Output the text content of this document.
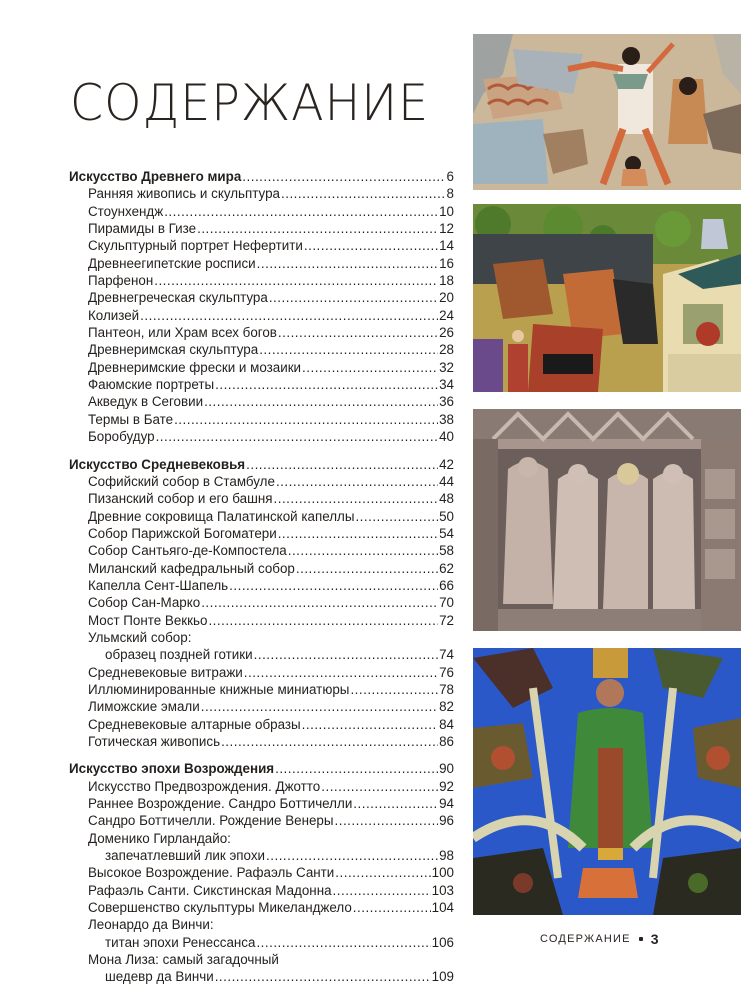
СОДЕРЖАНИЕ
Искусство Древнего мира .....	6
Ранняя живопись и скульптура .....	8
Стоунхендж .....	10
Пирамиды в Гизе .....	12
Скульптурный портрет Нефертити .....	14
Древнеегипетские росписи .....	16
Парфенон .....	18
Древнегреческая скульптура .....	20
Колизей .....	24
Пантеон, или Храм всех богов .....	26
Древнеримская скульптура .....	28
Древнеримские фрески и мозаики .....	32
Фаюмские портреты .....	34
Акведук в Сеговии .....	36
Термы в Бате .....	38
Боробудур .....	40
Искусство Средневековья .....	42
Софийский собор в Стамбуле .....	44
Пизанский собор и его башня .....	48
Древние сокровища Палатинской капеллы .....	50
Собор Парижской Богоматери .....	54
Собор Сантьяго-де-Компостела .....	58
Миланский кафедральный собор .....	62
Капелла Сент-Шапель .....	66
Собор Сан-Марко .....	70
Мост Понте Веккьо .....	72
Ульмский собор:
образец поздней готики .....	74
Средневековые витражи .....	76
Иллюминированные книжные миниатюры .....	78
Лиможские эмали .....	82
Средневековые алтарные образы .....	84
Готическая живопись .....	86
Искусство эпохи Возрождения .....	90
Искусство Предвозрождения. Джотто .....	92
Раннее Возрождение. Сандро Боттичелли .....	94
Сандро Боттичелли. Рождение Венеры .....	96
Доменико Гирландайо:
запечатлевший лик эпохи .....	98
Высокое Возрождение. Рафаэль Санти .....	100
Рафаэль Санти. Сикстинская Мадонна .....	103
Совершенство скульптуры Микеланджело .....	104
Леонардо да Винчи:
титан эпохи Ренессанса .....	106
Мона Лиза: самый загадочный
шедевр да Винчи .....	109
СОДЕРЖАНИЕ 3
